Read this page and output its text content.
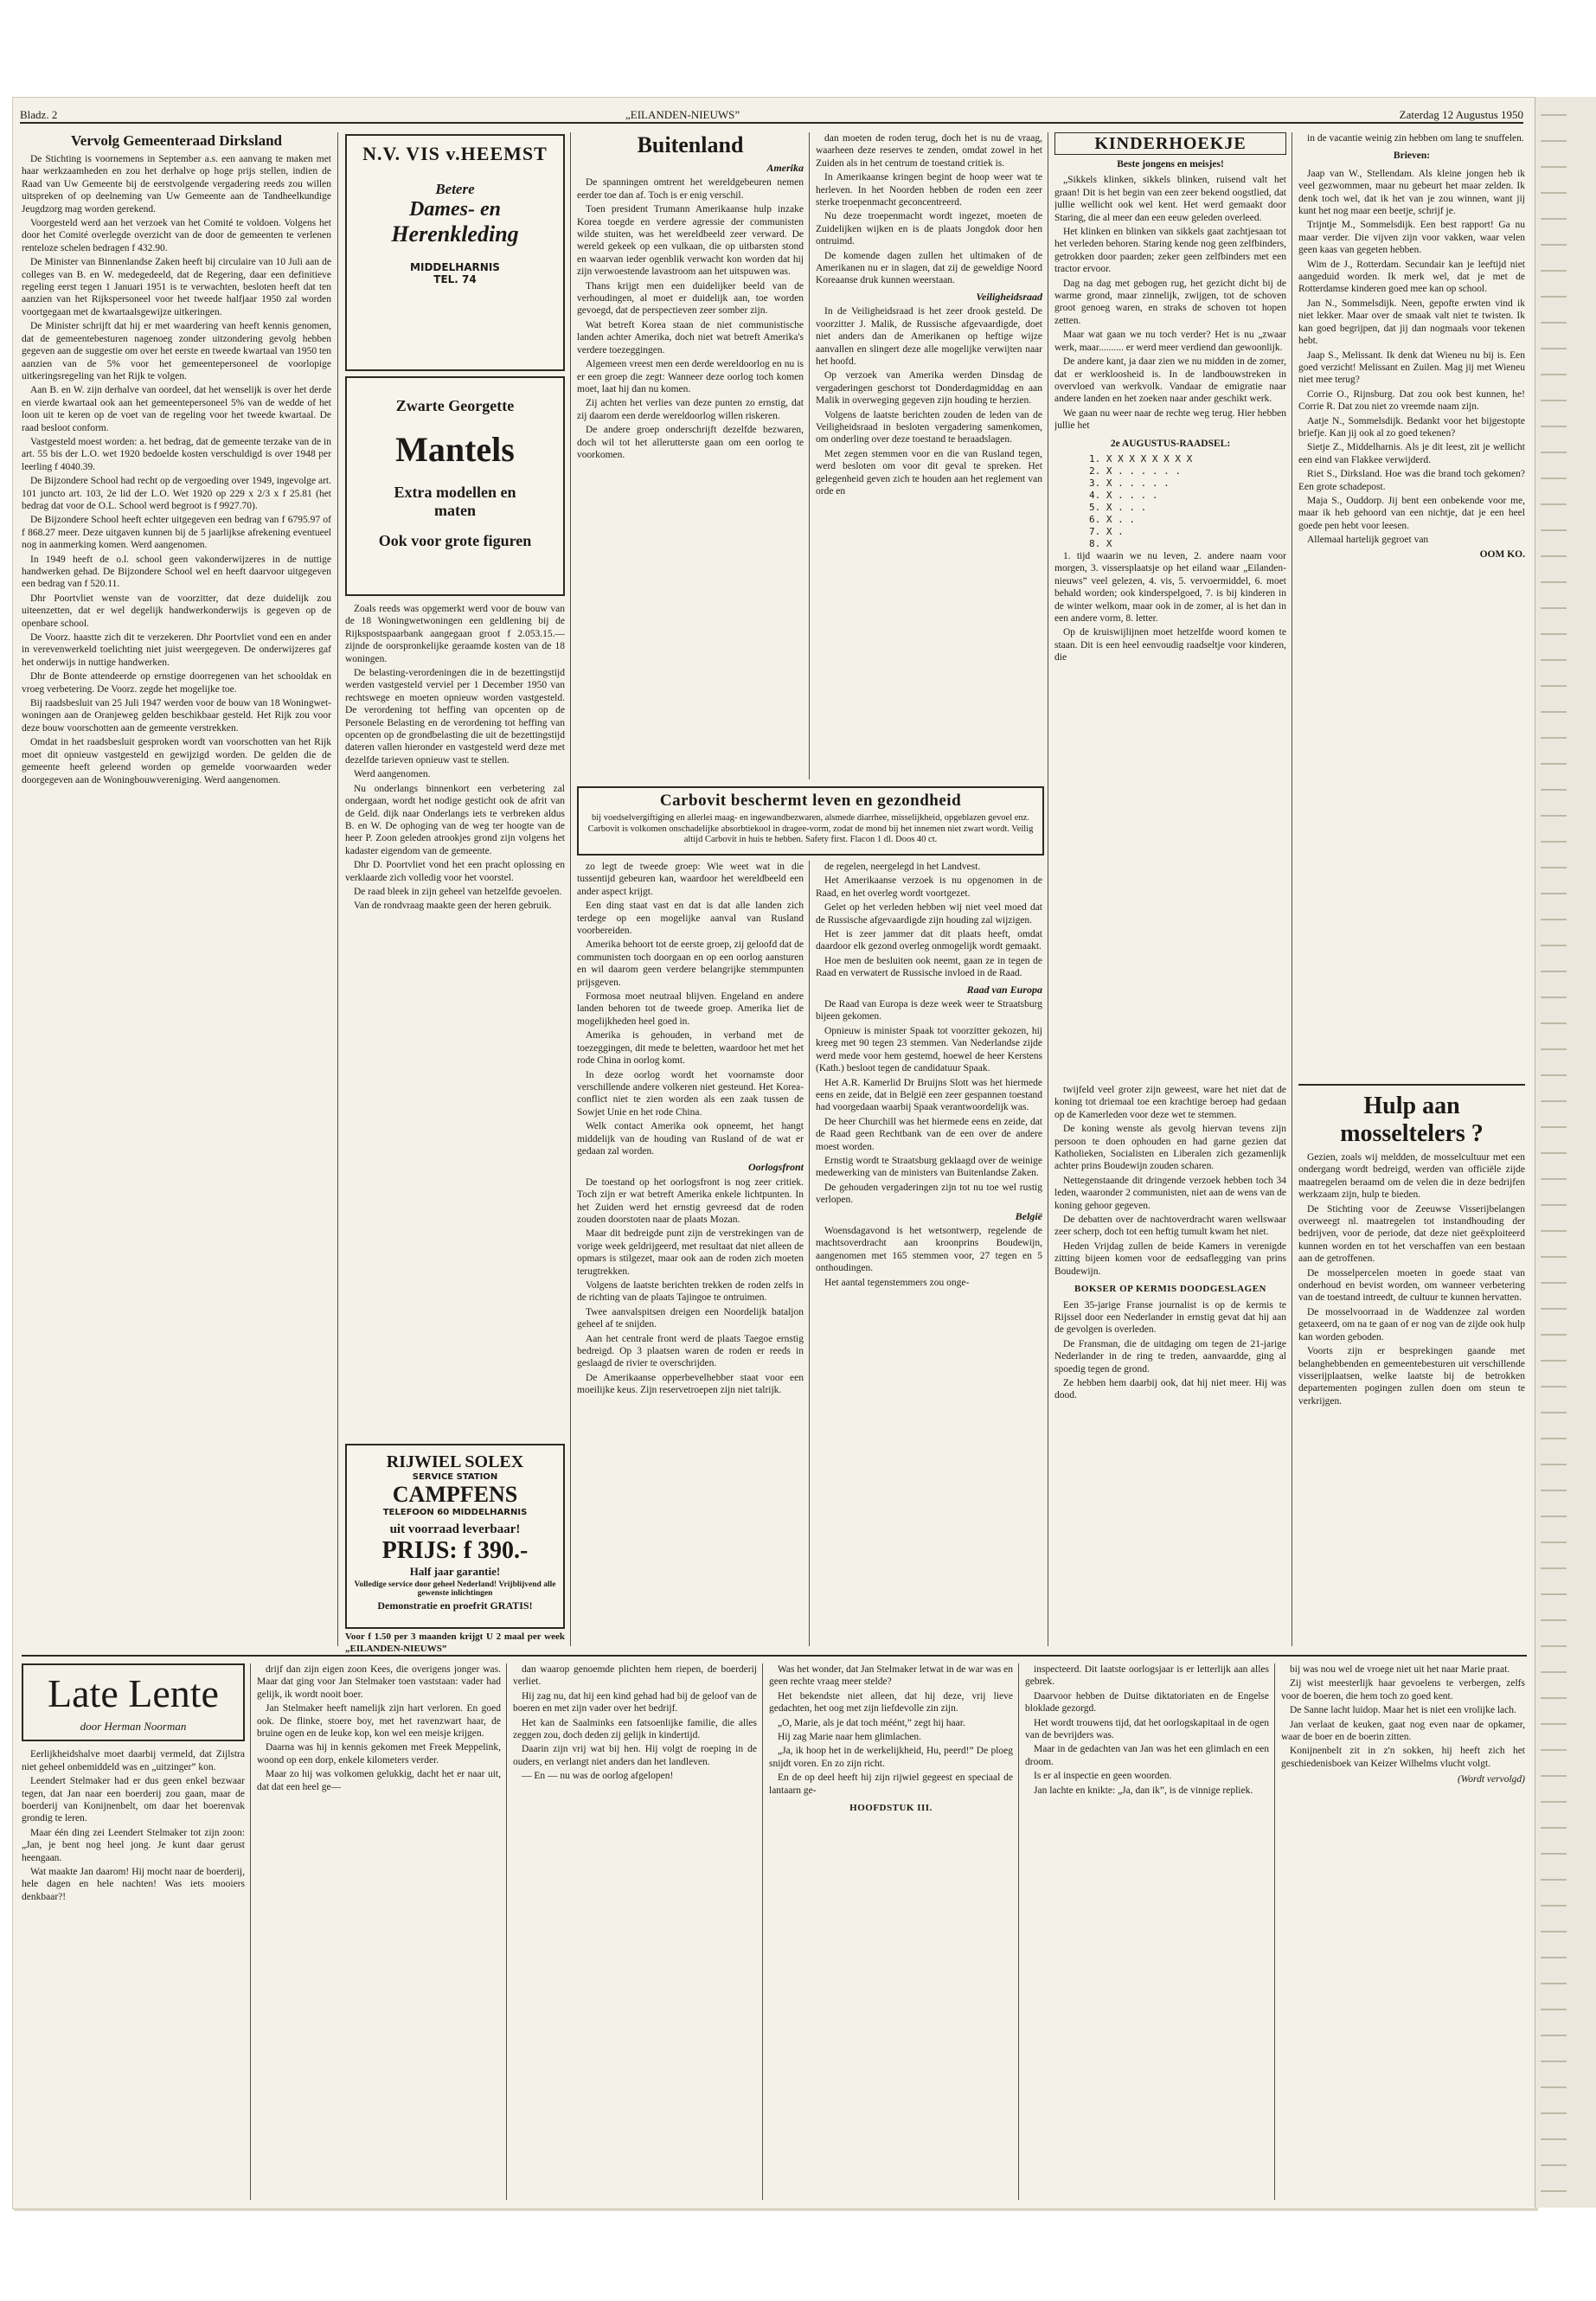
Bladz. 2	„EILANDEN-NIEUWS”	Zaterdag 12 Augustus 1950
Vervolg Gemeenteraad Dirksland

De Stichting is voornemens in September a.s. een aanvang te maken met haar werkzaamheden en zou het derhalve op hoge prijs stellen, indien de Raad van Uw Gemeente bij de eerstvolgende vergadering reeds zou willen uitspreken of op deelneming van Uw Gemeente aan de Tandheelkundige Jeugdzorg mag worden gerekend.

Voorgesteld werd aan het verzoek van het Comité te voldoen. Volgens het door het Comité overlegde overzicht van de door de gemeenten te verlenen renteloze schelen bedragen f 432.90.

De Minister van Binnenlandse Zaken heeft bij circulaire van 10 Juli aan de colleges van B. en W. medegedeeld, dat de Regering, daar een definitieve regeling eerst tegen 1 Januari 1951 is te verwachten, besloten heeft dat ten aanzien van het Rijkspersoneel voor het tweede halfjaar 1950 zal worden voortgegaan met de kwartaalsgewijze uitkeringen.

De Minister schrijft dat hij er met waardering van heeft kennis genomen, dat de gemeentebesturen nagenoeg zonder uitzondering gevolg hebben gegeven aan de suggestie om over het eerste en tweede kwartaal van 1950 ten aanzien van de 5% voor het gemeentepersoneel de voorlopige uitkeringsregeling van het Rijk te volgen.

Aan B. en W. zijn derhalve van oordeel, dat het wenselijk is over het derde en vierde kwartaal ook aan het gemeentepersoneel 5% van de wedde of het loon uit te keren op de voet van de regeling voor het tweede kwartaal. De raad besloot conform.

Vastgesteld moest worden: a. het bedrag, dat de gemeente terzake van de in art. 55 bis der L.O. wet 1920 bedoelde kosten verschuldigd is over 1948 per leerling f 4040.39.

De Bijzondere School had recht op de vergoeding over 1949, ingevolge art. 101 juncto art. 103, 2e lid der L.O. Wet 1920 op 229 x 2/3 x f 25.81 (het bedrag dat voor de O.L. School werd begroot is f 9927.70).

De Bijzondere School heeft echter uitgegeven een bedrag van f 6795.97 of f 868.27 meer. Deze uitgaven kunnen bij de 5 jaarlijkse afrekening eventueel nog in aanmerking komen. Werd aangenomen.

In 1949 heeft de o.l. school geen vakonderwijzeres in de nuttige handwerken gehad. De Bijzondere School wel en heeft daarvoor uitgegeven een bedrag van f 520.11.

Dhr Poortvliet wenste van de voorzitter, dat deze duidelijk zou uiteenzetten, dat er wel degelijk handwerkonderwijs is gegeven op de openbare school.

De Voorz. haastte zich dit te verzekeren. Dhr Poortvliet vond een en ander in verevenwerkeld toelichting niet juist weergegeven. De onderwijzeres gaf het onderwijs in nuttige handwerken.

Dhr de Bonte attendeerde op ernstige doorregenen van het schooldak en vroeg verbetering. De Voorz. zegde het mogelijke toe.

Bij raadsbesluit van 25 Juli 1947 werden voor de bouw van 18 Woningwet-woningen aan de Oranjeweg gelden beschikbaar gesteld. Het Rijk zou voor deze bouw voorschotten aan de gemeente verstrekken.

Omdat in het raadsbesluit gesproken wordt van voorschotten van het Rijk moet dit opnieuw vastgesteld en gewijzigd worden. De gelden die de gemeente heeft geleend worden op gemelde voorwaarden weder doorgegeven aan de Woningbouwvereniging. Werd aangenomen.

N.V. VIS v.HEEMST
Betere
Dames- en
Herenkleding
MIDDELHARNIS
TEL. 74
Zwarte Georgette
Mantels
Extra modellen en maten
Ook voor grote figuren

Zoals reeds was opgemerkt werd voor de bouw van de 18 Woningwetwoningen een geldlening bij de Rijkspostspaarbank aangegaan groot f 2.053.15.— zijnde de oorspronkelijke geraamde kosten van de 18 woningen.

De belasting-verordeningen die in de bezettingstijd werden vastgesteld verviel per 1 December 1950 van rechtswege en moeten opnieuw worden vastgesteld. De verordening tot heffing van opcenten op de Personele Belasting en de verordening tot heffing van opcenten op de grondbelasting die uit de bezettingstijd dateren vallen hieronder en vastgesteld werd deze met dezelfde tarieven opnieuw vast te stellen.

Werd aangenomen.

Nu onderlangs binnenkort een verbetering zal ondergaan, wordt het nodige gesticht ook de afrit van de Geld. dijk naar Onderlangs iets te verbreken aldus B. en W. De ophoging van de weg ter hoogte van de heer P. Zoon geleden atrookjes grond zijn volgens het kadaster eigendom van de gemeente.

Dhr D. Poortvliet vond het een pracht oplossing en verklaarde zich volledig voor het voorstel.

De raad bleek in zijn geheel van hetzelfde gevoelen.

Van de rondvraag maakte geen der heren gebruik.

RIJWIEL SOLEX
SERVICE STATION
CAMPFENS
TELEFOON 60 MIDDELHARNIS
uit voorraad leverbaar!
PRIJS: f 390.-
Half jaar garantie!
Volledige service door geheel Nederland! Vrijblijvend alle gewenste inlichtingen
Demonstratie en proefrit GRATIS!
Voor f 1.50 per 3 maanden krijgt U 2 maal per week „EILANDEN-NIEUWS”
Buitenland
Amerika

De spanningen omtrent het wereldgebeuren nemen eerder toe dan af. Toch is er enig verschil.

Toen president Trumann Amerikaanse hulp inzake Korea toegde en verdere agressie der communisten wilde stuiten, was het wereldbeeld zeer verward. De wereld gekeek op een vulkaan, die op uitbarsten stond en waarvan ieder ogenblik verwacht kon worden dat hij zijn verwoestende lavastroom aan het uitspuwen was.

Thans krijgt men een duidelijker beeld van de verhoudingen, al moet er duidelijk aan, toe worden gevoegd, dat de perspectieven zeer somber zijn.

Wat betreft Korea staan de niet communistische landen achter Amerika, doch niet wat betreft Amerika's verdere toezeggingen.

Algemeen vreest men een derde wereldoorlog en nu is er een groep die zegt: Wanneer deze oorlog toch komen moet, laat hij dan nu komen.

Zij achten het verlies van deze punten zo ernstig, dat zij daarom een derde wereldoorlog willen riskeren.

De andere groep onderschrijft dezelfde bezwaren, doch wil tot het allerutterste gaan om een oorlog te voorkomen.

dan moeten de roden terug, doch het is nu de vraag, waarheen deze reserves te zenden, omdat zowel in het Zuiden als in het centrum de toestand critiek is.

In Amerikaanse kringen begint de hoop weer wat te herleven. In het Noorden hebben de roden een zeer sterke troepenmacht geconcentreerd.

Nu deze troepenmacht wordt ingezet, moeten de Zuidelijken wijken en is de plaats Jongdok door hen ontruimd.

De komende dagen zullen het ultimaken of de Amerikanen nu er in slagen, dat zij de geweldige Noord Koreaanse druk kunnen weerstaan.

Veiligheidsraad

In de Veiligheidsraad is het zeer drook gesteld. De voorzitter J. Malik, de Russische afgevaardigde, doet niet anders dan de Amerikanen op heftige wijze aanvallen en slingert deze alle mogelijke verwijten naar het hoofd.

Op verzoek van Amerika werden Dinsdag de vergaderingen geschorst tot Donderdagmiddag en aan Malik in overweging gegeven zijn houding te herzien.

Volgens de laatste berichten zouden de leden van de Veiligheidsraad in besloten vergadering samenkomen, om onderling over deze toestand te beraadslagen.

Met zegen stemmen voor en die van Rusland tegen, werd besloten om voor dit geval te spreken. Het gelegenheid geven zich te houden aan het reglement van orde en

Carbovit beschermt leven en gezondheid
bij voedselvergiftiging en allerlei maag- en ingewandbezwaren, alsmede diarrhee, misselijkheid, opgeblazen gevoel enz. Carbovit is volkomen onschadelijke absorbtiekool in dragee-vorm, zodat de mond bij het innemen niet zwart wordt. Veilig altijd Carbovit in huis te hebben. Safety first. Flacon 1 dl. Doos 40 ct.

zo legt de tweede groep: Wie weet wat in die tussentijd gebeuren kan, waardoor het wereldbeeld een ander aspect krijgt.

Een ding staat vast en dat is dat alle landen zich terdege op een mogelijke aanval van Rusland voorbereiden.

Amerika behoort tot de eerste groep, zij geloofd dat de communisten toch doorgaan en op een oorlog aansturen en wil daarom geen verdere belangrijke stemmpunten prijsgeven.

Formosa moet neutraal blijven. Engeland en andere landen behoren tot de tweede groep. Amerika liet de mogelijkheden heel goed in.

Amerika is gehouden, in verband met de toezeggingen, dit mede te beletten, waardoor het met het rode China in oorlog komt.

In deze oorlog wordt het voornamste door verschillende andere volkeren niet gesteund. Het Korea-conflict niet te zien worden als een zaak tussen de Sowjet Unie en het rode China.

Welk contact Amerika ook opneemt, het hangt middelijk van de houding van Rusland of de wat er gedaan zal worden.

Oorlogsfront

De toestand op het oorlogsfront is nog zeer critiek. Toch zijn er wat betreft Amerika enkele lichtpunten. In het Zuiden werd het ernstig gevreesd dat de roden zouden doorstoten naar de plaats Mozan.

Maar dit bedreigde punt zijn de verstrekingen van de vorige week geldrijgeerd, met resultaat dat niet alleen de opmars is stilgezet, maar ook aan de roden zich moeten terugtrekken.

Volgens de laatste berichten trekken de roden zelfs in de richting van de plaats Tajingoe te ontruimen.

Twee aanvalspitsen dreigen een Noordelijk bataljon geheel af te snijden.

Aan het centrale front werd de plaats Taegoe ernstig bedreigd. Op 3 plaatsen waren de roden er reeds in geslaagd de rivier te overschrijden.

De Amerikaanse opperbevelhebber staat voor een moeilijke keus. Zijn reservetroepen zijn niet talrijk.

de regelen, neergelegd in het Landvest.

Het Amerikaanse verzoek is nu opgenomen in de Raad, en het overleg wordt voortgezet.

Gelet op het verleden hebben wij niet veel moed dat de Russische afgevaardigde zijn houding zal wijzigen.

Het is zeer jammer dat dit plaats heeft, omdat daardoor elk gezond overleg onmogelijk wordt gemaakt.

Hoe men de besluiten ook neemt, gaan ze in tegen de Raad en verwatert de Russische invloed in de Raad.

Raad van Europa

De Raad van Europa is deze week weer te Straatsburg bijeen gekomen.

Opnieuw is minister Spaak tot voorzitter gekozen, hij kreeg met 90 tegen 23 stemmen. Van Nederlandse zijde werd mede voor hem gestemd, hoewel de heer Kerstens (Kath.) besloot tegen de candidatuur Spaak.

Het A.R. Kamerlid Dr Bruijns Slott was het hiermede eens en zeide, dat in België een zeer gespannen toestand had voorgedaan waarbij Spaak verantwoordelijk was.

De heer Churchill was het hiermede eens en zeide, dat de Raad geen Rechtbank van de een over de andere moest worden.

Ernstig wordt te Straatsburg geklaagd over de weinige medewerking van de ministers van Buitenlandse Zaken.

De gehouden vergaderingen zijn tot nu toe wel rustig verlopen.

België

Woensdagavond is het wetsontwerp, regelende de machtsoverdracht aan kroonprins Boudewijn, aangenomen met 165 stemmen voor, 27 tegen en 5 onthoudingen.

Het aantal tegenstemmers zou onge-

KINDERHOEKJE
Beste jongens en meisjes!

„Sikkels klinken, sikkels blinken, ruisend valt het graan! Dit is het begin van een zeer bekend oogstlied, dat jullie wellicht ook wel kent. Het werd gemaakt door Staring, die al meer dan een eeuw geleden overleed.

Het klinken en blinken van sikkels gaat zachtjesaan tot het verleden behoren. Staring kende nog geen zelfbinders, getrokken door paarden; zeker geen zelfbinders met een tractor ervoor.

Dag na dag met gebogen rug, het gezicht dicht bij de warme grond, maar zinnelijk, zwijgen, tot de schoven groot genoeg waren, en straks de schoven tot hopen zetten.

Maar wat gaan we nu toch verder? Het is nu „zwaar werk, maar.......... er werd meer verdiend dan gewoonlijk.

De andere kant, ja daar zien we nu midden in de zomer, dat er werkloosheid is. In de landbouwstreken in overvloed van werkvolk. Vandaar de emigratie naar andere landen en het zoeken naar ander geschikt werk.

We gaan nu weer naar de rechte weg terug. Hier hebben jullie het

2e AUGUSTUS-RAADSEL:
1. X X X X X X X X
2. X . . . . . .
3. X . . . . .
4. X . . . .
5. X . . .
6. X . .
7. X .
8. X

1. tijd waarin we nu leven, 2. andere naam voor morgen, 3. vissersplaatsje op het eiland waar „Eilanden-nieuws” veel gelezen, 4. vis, 5. vervoermiddel, 6. moet behald worden; ook kinderspelgoed, 7. is bij kinderen in de winter welkom, maar ook in de zomer, al is het dan in een andere vorm, 8. letter.

Op de kruiswijlijnen moet hetzelfde woord komen te staan. Dit is een heel eenvoudig raadseltje voor kinderen, die

twijfeld veel groter zijn geweest, ware het niet dat de koning tot driemaal toe een krachtige beroep had gedaan op de Kamerleden voor deze wet te stemmen.

De koning wenste als gevolg hiervan tevens zijn persoon te doen ophouden en had garne gezien dat Katholieken, Socialisten en Liberalen zich gezamenlijk achter prins Boudewijn zouden scharen.

Nettegenstaande dit dringende verzoek hebben toch 34 leden, waaronder 2 communisten, niet aan de wens van de koning gehoor gegeven.

De debatten over de nachtoverdracht waren wellswaar zeer scherp, doch tot een heftig tumult kwam het niet.

Heden Vrijdag zullen de beide Kamers in verenigde zitting bijeen komen voor de eedsaflegging van prins Boudewijn.

BOKSER OP KERMIS DOODGESLAGEN

Een 35-jarige Franse journalist is op de kermis te Rijssel door een Nederlander in ernstig gevat dat hij aan de gevolgen is overleden.

De Fransman, die de uitdaging om tegen de 21-jarige Nederlander in de ring te treden, aanvaardde, ging al spoedig tegen de grond.

Ze hebben hem daarbij ook, dat hij niet meer. Hij was dood.

in de vacantie weinig zin hebben om lang te snuffelen.

Brieven:

Jaap van W., Stellendam. Als kleine jongen heb ik veel gezwommen, maar nu gebeurt het maar zelden. Ik denk toch wel, dat ik het van je zou winnen, want jij kunt het nog maar een beetje, schrijf je.

Trijntje M., Sommelsdijk. Een best rapport! Ga nu maar verder. Die vijven zijn voor vakken, waar velen geen kaas van gegeten hebben.

Wim de J., Rotterdam. Secundair kan je leeftijd niet aangeduid worden. Ik merk wel, dat je met de Rotterdamse kinderen goed mee kan op school.

Jan N., Sommelsdijk. Neen, gepofte erwten vind ik niet lekker. Maar over de smaak valt niet te twisten. Ik kan goed begrijpen, dat jij dan nogmaals voor tekenen hebt.

Jaap S., Melissant. Ik denk dat Wieneu nu bij is. Een goed verzicht! Melissant en Zuilen. Mag jij met Wieneu niet mee terug?

Corrie O., Rijnsburg. Dat zou ook best kunnen, he! Corrie R. Dat zou niet zo vreemde naam zijn.

Aatje N., Sommelsdijk. Bedankt voor het bijgestopte briefje. Kan jij ook al zo goed tekenen?

Sietje Z., Middelharnis. Als je dit leest, zit je wellicht een eind van Flakkee verwijderd.

Riet S., Dirksland. Hoe was die brand toch gekomen? Een grote schadepost.

Maja S., Ouddorp. Jij bent een onbekende voor me, maar ik heb gehoord van een nichtje, dat je een heel goede pen hebt voor leesen.

Allemaal hartelijk gegroet van

OOM KO.
Hulp aan mosseltelers ?

Gezien, zoals wij meldden, de mosselcultuur met een ondergang wordt bedreigd, werden van officiële zijde maatregelen beraamd om de velen die in deze bedrijfen werkzaam zijn, hulp te bieden.

De Stichting voor de Zeeuwse Visserijbelangen overweegt nl. maatregelen tot instandhouding der bedrijven, voor de periode, dat deze niet geëxploiteerd kunnen worden en tot het verschaffen van een bestaan aan de getroffenen.

De mosselpercelen moeten in goede staat van onderhoud en bevist worden, om wanneer verbetering van de toestand intreedt, de cultuur te kunnen hervatten.

De mosselvoorraad in de Waddenzee zal worden getaxeerd, om na te gaan of er nog van de zijde ook hulp kan worden geboden.

Voorts zijn er besprekingen gaande met belanghebbenden en gemeentebesturen uit verschillende visserijplaatsen, welke laatste bij de betrokken departementen pogingen zullen doen om steun te verkrijgen.

Late Lente
door Herman Noorman

Eerlijkheidshalve moet daarbij vermeld, dat Zijlstra niet geheel onbemiddeld was en „uitzinger” kon.

Leendert Stelmaker had er dus geen enkel bezwaar tegen, dat Jan naar een boerderij zou gaan, maar de boerderij van Konijnenbelt, om daar het boerenvak grondig te leren.

Maar één ding zei Leendert Stelmaker tot zijn zoon: „Jan, je bent nog heel jong. Je kunt daar gerust heengaan.

Wat maakte Jan daarom! Hij mocht naar de boerderij, hele dagen en hele nachten! Was iets mooiers denkbaar?!

drijf dan zijn eigen zoon Kees, die overigens jonger was. Maar dat ging voor Jan Stelmaker toen vaststaan: vader had gelijk, ik wordt nooit boer.

Jan Stelmaker heeft namelijk zijn hart verloren. En goed ook. De flinke, stoere boy, met het ravenzwart haar, de bruine ogen en de leuke kop, kon wel een meisje krijgen.

Daarna was hij in kennis gekomen met Freek Meppelink, woond op een dorp, enkele kilometers verder.

Maar zo hij was volkomen gelukkig, dacht het er naar uit, dat dat een heel ge—

dan waarop genoemde plichten hem riepen, de boerderij verliet.

Hij zag nu, dat hij een kind gehad had bij de geloof van de boeren en met zijn vader over het bedrijf.

Het kan de Saalminks een fatsoenlijke familie, die alles zeggen zou, doch deden zij gelijk in kindertijd.

Daarin zijn vrij wat bij hen. Hij volgt de roeping in de ouders, en verlangt niet anders dan het landleven.

— En — nu was de oorlog afgelopen!

Was het wonder, dat Jan Stelmaker letwat in de war was en geen rechte vraag meer stelde?

Het bekendste niet alleen, dat hij deze, vrij lieve gedachten, het oog met zijn liefdevolle zin zijn.

„O, Marie, als je dat toch méént,” zegt hij haar.

Hij zag Marie naar hem glimlachen.

„Ja, ik hoop het in de werkelijkheid, Hu, peerd!” De ploeg snijdt voren. En zo zijn richt.

En de op deel heeft hij zijn rijwiel gegeest en speciaal de lantaarn ge-

HOOFDSTUK III.

inspecteerd. Dit laatste oorlogsjaar is er letterlijk aan alles gebrek.

Daarvoor hebben de Duitse diktatoriaten en de Engelse bloklade gezorgd.

Het wordt trouwens tijd, dat het oorlogskapitaal in de ogen van de bevrijders was.

Maar in de gedachten van Jan was het een glimlach en een droom.

Is er al inspectie en geen woorden.

Jan lachte en knikte: „Ja, dan ik”, is de vinnige repliek.

bij was nou wel de vroege niet uit het naar Marie praat.

Zij wist meesterlijk haar gevoelens te verbergen, zelfs voor de boeren, die hem toch zo goed kent.

De Sanne lacht luidop. Maar het is niet een vrolijke lach.

Jan verlaat de keuken, gaat nog even naar de opkamer, waar de boer en de boerin zitten.

Konijnenbelt zit in z'n sokken, hij heeft zich het geschiedenisboek van Keizer Wilhelms vlucht volgt.

(Wordt vervolgd)
